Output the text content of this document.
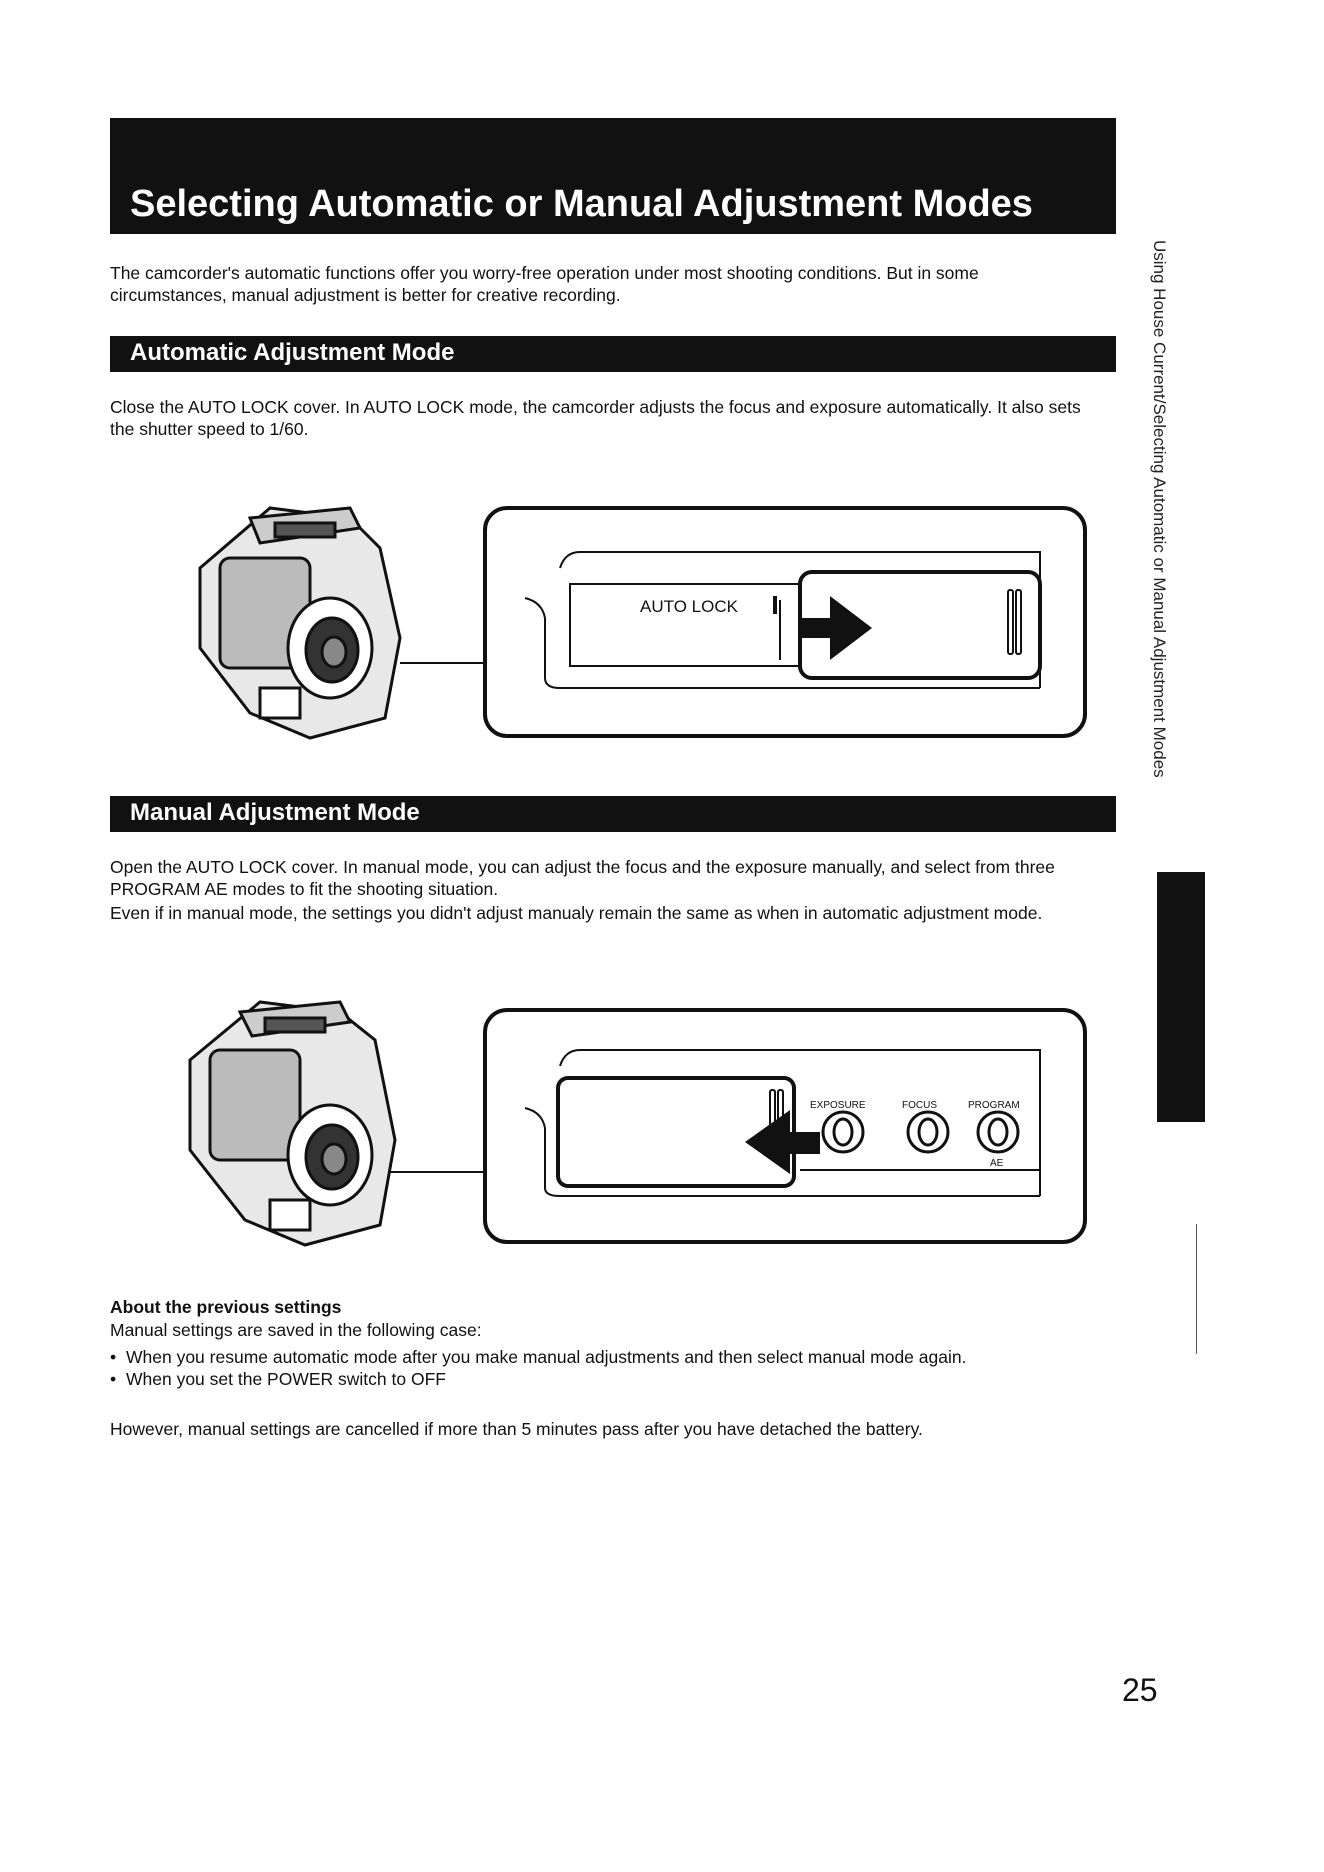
Selecting Automatic or Manual Adjustment Modes

The camcorder's automatic functions offer you worry-free operation under most shooting conditions. But in some circumstances, manual adjustment is better for creative recording.

Automatic Adjustment Mode

Close the AUTO LOCK cover. In AUTO LOCK mode, the camcorder adjusts the focus and exposure automatically. It also sets the shutter speed to 1/60.

AUTO LOCK
Manual Adjustment Mode

Open the AUTO LOCK cover. In manual mode, you can adjust the focus and the exposure manually, and select from three PROGRAM AE modes to fit the shooting situation.

Even if in manual mode, the settings you didn't adjust manualy remain the same as when in automatic adjustment mode.

EXPOSURE	FOCUS	PROGRAM
AE

About the previous settings

Manual settings are saved in the following case:

• When you resume automatic mode after you make manual adjustments and then select manual mode again.
• When you set the POWER switch to OFF

However, manual settings are cancelled if more than 5 minutes pass after you have detached the battery.

Using House Current/Selecting Automatic or Manual Adjustment Modes

25
